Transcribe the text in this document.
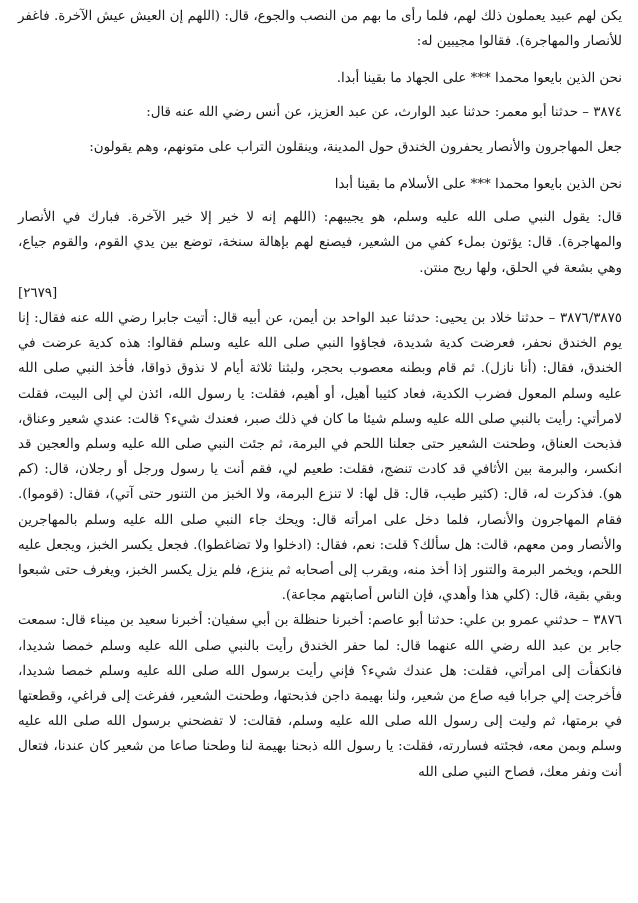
يكن لهم عبيد يعملون ذلك لهم، فلما رأى ما بهم من النصب والجوع، قال: (اللهم إن العيش عيش الآخرة. فاغفر للأنصار والمهاجرة). فقالوا مجيبين له:

نحن الذين بايعوا محمدا *** على الجهاد ما بقينا أبدا.

٣٨٧٤ – حدثنا أبو معمر: حدثنا عبد الوارث، عن عبد العزيز، عن أنس رضي الله عنه قال:

جعل المهاجرون والأنصار يحفرون الخندق حول المدينة، وينقلون التراب على متونهم، وهم يقولون:

نحن الذين بايعوا محمدا *** على الأسلام ما بقينا أبدا

قال: يقول النبي صلى الله عليه وسلم، هو يجيبهم: (اللهم إنه لا خير إلا خير الآخرة. فبارك في الأنصار والمهاجرة). قال: يؤتون بملء كفي من الشعير، فيصنع لهم بإهالة سنخة، توضع بين يدي القوم، والقوم جياع، وهي بشعة في الحلق، ولها ريح منتن.

[٢٦٧٩]

٣٨٧٦/٣٨٧٥ – حدثنا خلاد بن يحيى: حدثنا عبد الواحد بن أيمن، عن أبيه قال: أتيت جابرا رضي الله عنه فقال: إنا يوم الخندق نحفر، فعرضت كدية شديدة، فجاؤوا النبي صلى الله عليه وسلم فقالوا: هذه كدية عرضت في الخندق، فقال: (أنا نازل). ثم قام وبطنه معصوب بحجر، ولبثنا ثلاثة أيام لا نذوق ذواقا، فأخذ النبي صلى الله عليه وسلم المعول فضرب الكدية، فعاد كثيبا أهيل، أو أهيم، فقلت: يا رسول الله، ائذن لي إلى البيت، فقلت لامرأتي: رأيت بالنبي صلى الله عليه وسلم شيئا ما كان في ذلك صبر، فعندك شيء؟ قالت: عندي شعير وعناق، فذبحت العناق، وطحنت الشعير حتى جعلنا اللحم في البرمة، ثم جئت النبي صلى الله عليه وسلم والعجين قد انكسر، والبرمة بين الأثافي قد كادت تنضج، فقلت: طعيم لي، فقم أنت يا رسول ورجل أو رجلان، قال: (كم هو). فذكرت له، قال: (كثير طيب، قال: قل لها: لا تنزع البرمة، ولا الخبز من التنور حتى آتي)، فقال: (قوموا). فقام المهاجرون والأنصار، فلما دخل على امرأته قال: ويحك جاء النبي صلى الله عليه وسلم بالمهاجرين والأنصار ومن معهم، قالت: هل سألك؟ قلت: نعم، فقال: (ادخلوا ولا تضاغطوا). فجعل يكسر الخبز، ويجعل عليه اللحم، ويخمر البرمة والتنور إذا أخذ منه، ويقرب إلى أصحابه ثم ينزع، فلم يزل يكسر الخبز، ويغرف حتى شبعوا وبقي بقية، قال: (كلي هذا وأهدي، فإن الناس أصابتهم مجاعة).

٣٨٧٦ – حدثني عمرو بن علي: حدثنا أبو عاصم: أخبرنا حنظلة بن أبي سفيان: أخبرنا سعيد بن ميناء قال: سمعت جابر بن عبد الله رضي الله عنهما قال: لما حفر الخندق رأيت بالنبي صلى الله عليه وسلم خمصا شديدا، فانكفأت إلى امرأتي، فقلت: هل عندك شيء؟ فإني رأيت برسول الله صلى الله عليه وسلم خمصا شديدا، فأخرجت إلي جرابا فيه صاع من شعير، ولنا بهيمة داجن فذبحتها، وطحنت الشعير، ففرغت إلى فراغي، وقطعتها في برمتها، ثم وليت إلى رسول الله صلى الله عليه وسلم، فقالت: لا تفضحني برسول الله صلى الله عليه وسلم وبمن معه، فجئته فساررته، فقلت: يا رسول الله ذبحنا بهيمة لنا وطحنا صاعا من شعير كان عندنا، فتعال أنت ونفر معك، فصاح النبي صلى الله
